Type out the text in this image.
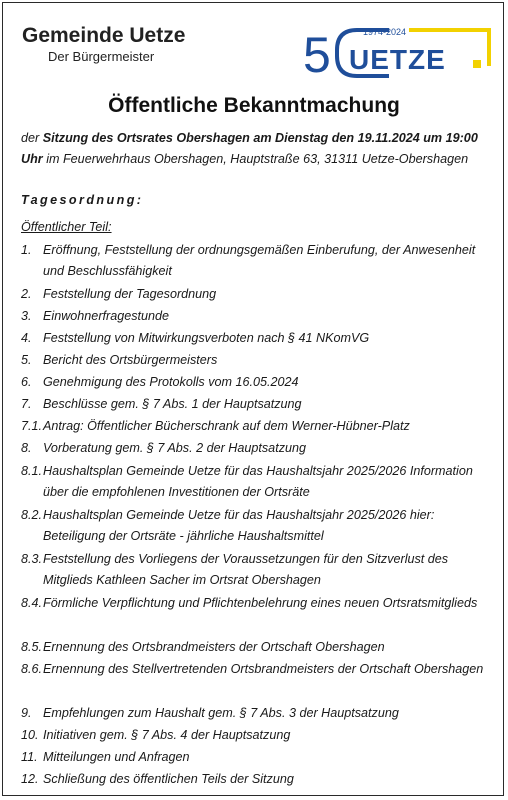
Gemeinde Uetze
Der Bürgermeister	5	1974-2024
UETZE
Öffentliche Bekanntmachung
der Sitzung des Ortsrates Obershagen am Dienstag den 19.11.2024 um 19:00 Uhr im Feuerwehrhaus Obershagen, Hauptstraße 63, 31311 Uetze-Obershagen
Tagesordnung:
Öffentlicher Teil:
1. Eröffnung, Feststellung der ordnungsgemäßen Einberufung, der Anwesenheit und Beschlussfähigkeit
2. Feststellung der Tagesordnung
3. Einwohnerfragestunde
4. Feststellung von Mitwirkungsverboten nach § 41 NKomVG
5. Bericht des Ortsbürgermeisters
6. Genehmigung des Protokolls vom 16.05.2024
7. Beschlüsse gem. § 7 Abs. 1 der Hauptsatzung
7.1. Antrag: Öffentlicher Bücherschrank auf dem Werner-Hübner-Platz
8. Vorberatung gem. § 7 Abs. 2 der Hauptsatzung
8.1. Haushaltsplan Gemeinde Uetze für das Haushaltsjahr 2025/2026 Information über die empfohlenen Investitionen der Ortsräte
8.2. Haushaltsplan Gemeinde Uetze für das Haushaltsjahr 2025/2026 hier: Beteiligung der Ortsräte - jährliche Haushaltsmittel
8.3. Feststellung des Vorliegens der Voraussetzungen für den Sitzverlust des Mitglieds Kathleen Sacher im Ortsrat Obershagen
8.4. Förmliche Verpflichtung und Pflichtenbelehrung eines neuen Ortsratsmitglieds
8.5. Ernennung des Ortsbrandmeisters der Ortschaft Obershagen
8.6. Ernennung des Stellvertretenden Ortsbrandmeisters der Ortschaft Obershagen
9. Empfehlungen zum Haushalt gem. § 7 Abs. 3 der Hauptsatzung
10. Initiativen gem. § 7 Abs. 4 der Hauptsatzung
11. Mitteilungen und Anfragen
12. Schließung des öffentlichen Teils der Sitzung
